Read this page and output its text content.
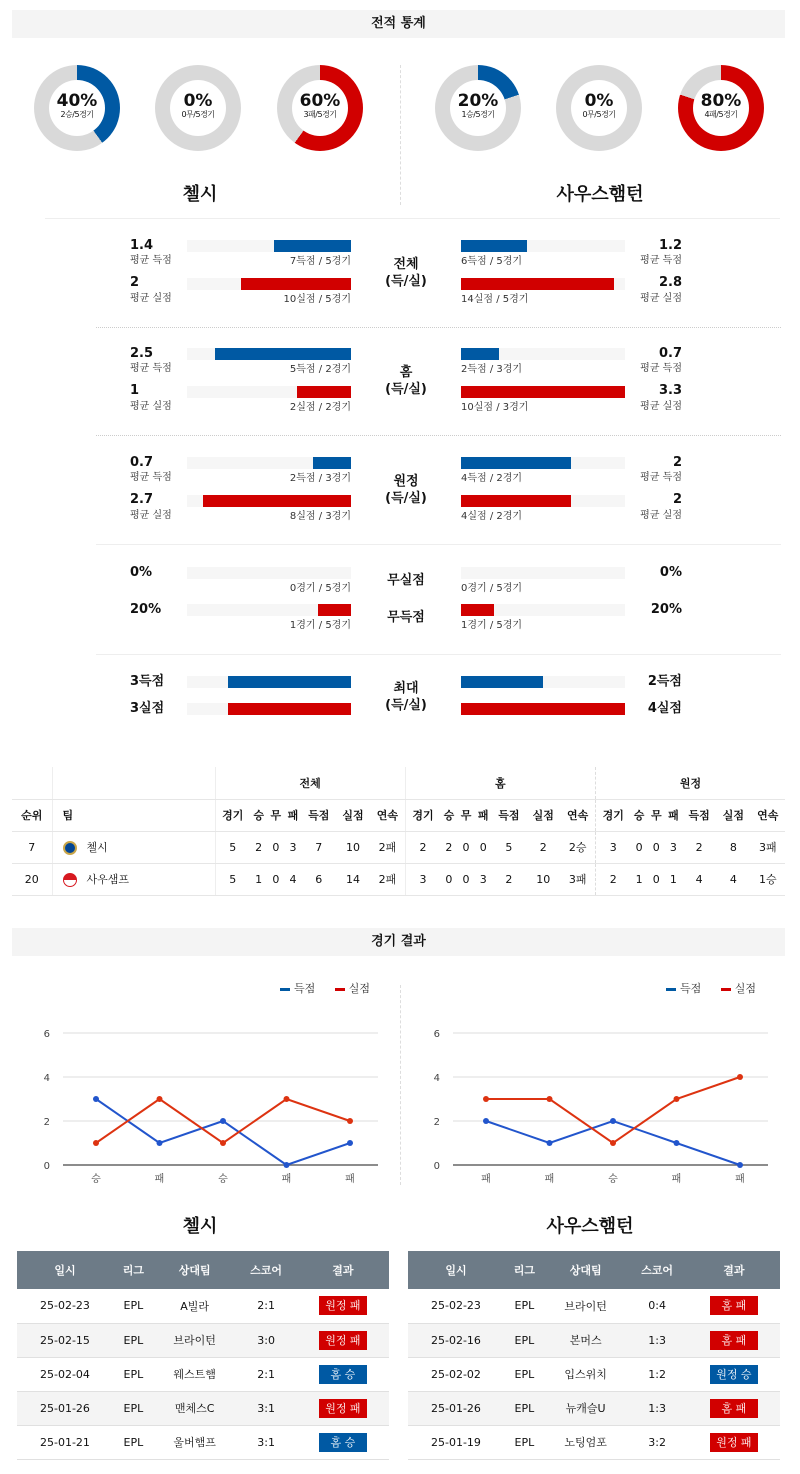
전적 통계
40%
2승/5경기
0%
0무/5경기
60%
3패/5경기
20%
1승/5경기
0%
0무/5경기
80%
4패/5경기
첼시	사우스햄턴
1.4
평균 득점
2
평균 실점
7득점 / 5경기
10실점 / 5경기
1.2
평균 득점
2.8
평균 실점
6득점 / 5경기
14실점 / 5경기
전체
(득/실)
2.5
평균 득점
1
평균 실점
5득점 / 2경기
2실점 / 2경기
0.7
평균 득점
3.3
평균 실점
2득점 / 3경기
10실점 / 3경기
홈
(득/실)
0.7
평균 득점
2.7
평균 실점
2득점 / 3경기
8실점 / 3경기
2
평균 득점
2
평균 실점
4득점 / 2경기
4실점 / 2경기
원정
(득/실)
0%
20%
0경기 / 5경기
1경기 / 5경기
0%
20%
0경기 / 5경기
1경기 / 5경기
무실점
무득점
3득점
3실점
2득점
4실점
최대
(득/실)
		전체							홈							원정						
순위	팀	경기	승	무	패	득점	실점	연속	경기	승	무	패	득점	실점	연속	경기	승	무	패	득점	실점	연속
7	첼시	5	2	0	3	7	10	2패	2	2	0	0	5	2	2승	3	0	0	3	2	8	3패
20	사우샘프	5	1	0	4	6	14	2패	3	0	0	3	2	10	3패	2	1	0	1	4	4	1승
경기 결과
득점	실점	득점	실점
0
2
4
6
승	패	승	패	패
0
2
4
6
패	패	승	패	패
첼시	사우스햄턴
일시	리그	상대팀	스코어	결과
25-02-23	EPL	A빌라	2:1	원정 패
25-02-15	EPL	브라이턴	3:0	원정 패
25-02-04	EPL	웨스트햄	2:1	홈 승
25-01-26	EPL	맨체스C	3:1	원정 패
25-01-21	EPL	울버햄프	3:1	홈 승
일시	리그	상대팀	스코어	결과
25-02-23	EPL	브라이턴	0:4	홈 패
25-02-16	EPL	본머스	1:3	홈 패
25-02-02	EPL	입스위치	1:2	원정 승
25-01-26	EPL	뉴캐슬U	1:3	홈 패
25-01-19	EPL	노팅엄포	3:2	원정 패
